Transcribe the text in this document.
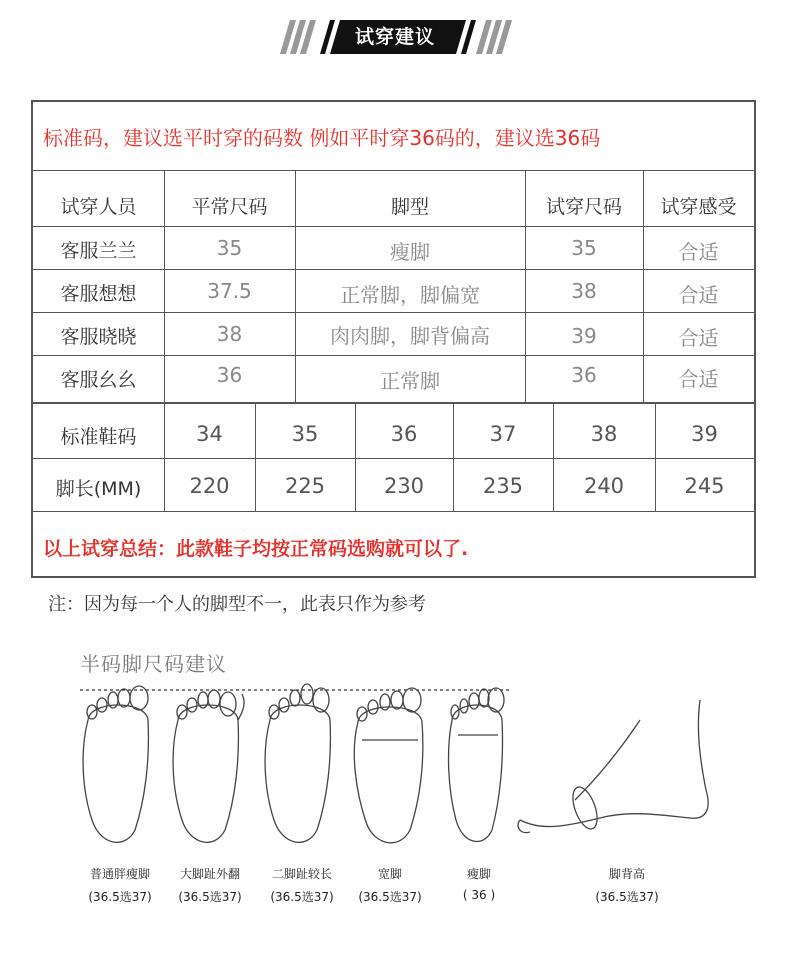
试穿建议
标准码，建议选平时穿的码数 例如平时穿36码的，建议选36码
试穿人员	平常尺码	脚型	试穿尺码	试穿感受
客服兰兰	35	瘦脚	35	合适
客服想想	37.5	正常脚，脚偏宽	38	合适
客服晓晓	38	肉肉脚，脚背偏高	39	合适
客服幺幺	36	正常脚	36	合适
标准鞋码	34	35	36	37	38	39
脚长(MM)	220	225	230	235	240	245
以上试穿总结：此款鞋子均按正常码选购就可以了.
注：因为每一个人的脚型不一，此表只作为参考
半码脚尺码建议
普通胖瘦脚
(36.5选37)
大脚趾外翻
(36.5选37)
二脚趾较长
(36.5选37)
宽脚
(36.5选37)
瘦脚
( 36 )
脚背高
(36.5选37)
